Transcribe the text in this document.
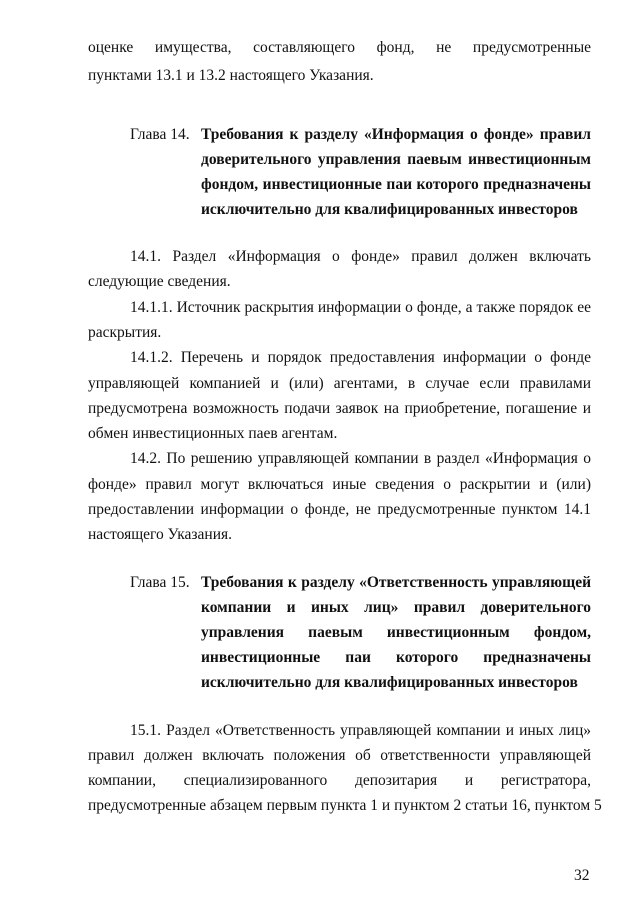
оценке имущества, составляющего фонд, не предусмотренные
пунктами 13.1 и 13.2 настоящего Указания.
Глава 14. Требования к разделу «Информация о фонде» правил
доверительного управления паевым инвестиционным
фондом, инвестиционные паи которого предназначены
исключительно для квалифицированных инвесторов
14.1. Раздел «Информация о фонде» правил должен включать
следующие сведения.
14.1.1. Источник раскрытия информации о фонде, а также порядок ее
раскрытия.
14.1.2. Перечень и порядок предоставления информации о фонде
управляющей компанией и (или) агентами, в случае если правилами
предусмотрена возможность подачи заявок на приобретение, погашение и
обмен инвестиционных паев агентам.
14.2. По решению управляющей компании в раздел «Информация о
фонде» правил могут включаться иные сведения о раскрытии и (или)
предоставлении информации о фонде, не предусмотренные пунктом 14.1
настоящего Указания.
Глава 15. Требования к разделу «Ответственность управляющей
компании и иных лиц» правил доверительного
управления паевым инвестиционным фондом,
инвестиционные паи которого предназначены
исключительно для квалифицированных инвесторов
15.1. Раздел «Ответственность управляющей компании и иных лиц»
правил должен включать положения об ответственности управляющей
компании, специализированного депозитария и регистратора,
предусмотренные абзацем первым пункта 1 и пунктом 2 статьи 16, пунктом 5
32
